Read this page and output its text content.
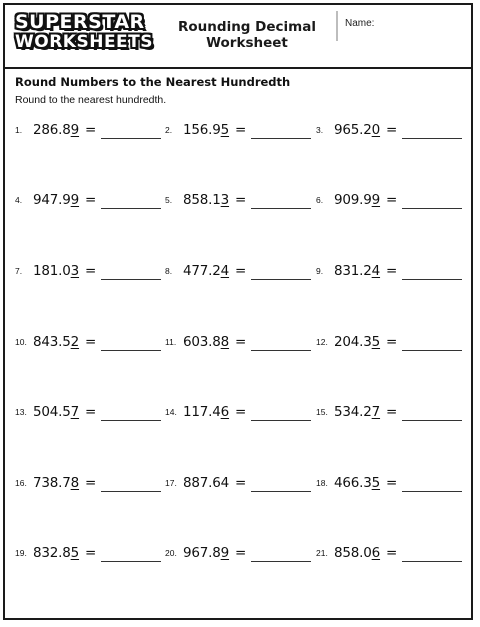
SUPERSTAR
WORKSHEETS
Rounding Decimal
Worksheet
Name:
Round Numbers to the Nearest Hundredth
Round to the nearest hundredth.
1. 286.89 =	2. 156.95 =	3. 965.20 =
4. 947.99 =	5. 858.13 =	6. 909.99 =
7. 181.03 =	8. 477.24 =	9. 831.24 =
10. 843.52 =	11. 603.88 =	12. 204.35 =
13. 504.57 =	14. 117.46 =	15. 534.27 =
16. 738.78 =	17. 887.64 =	18. 466.35 =
19. 832.85 =	20. 967.89 =	21. 858.06 =
